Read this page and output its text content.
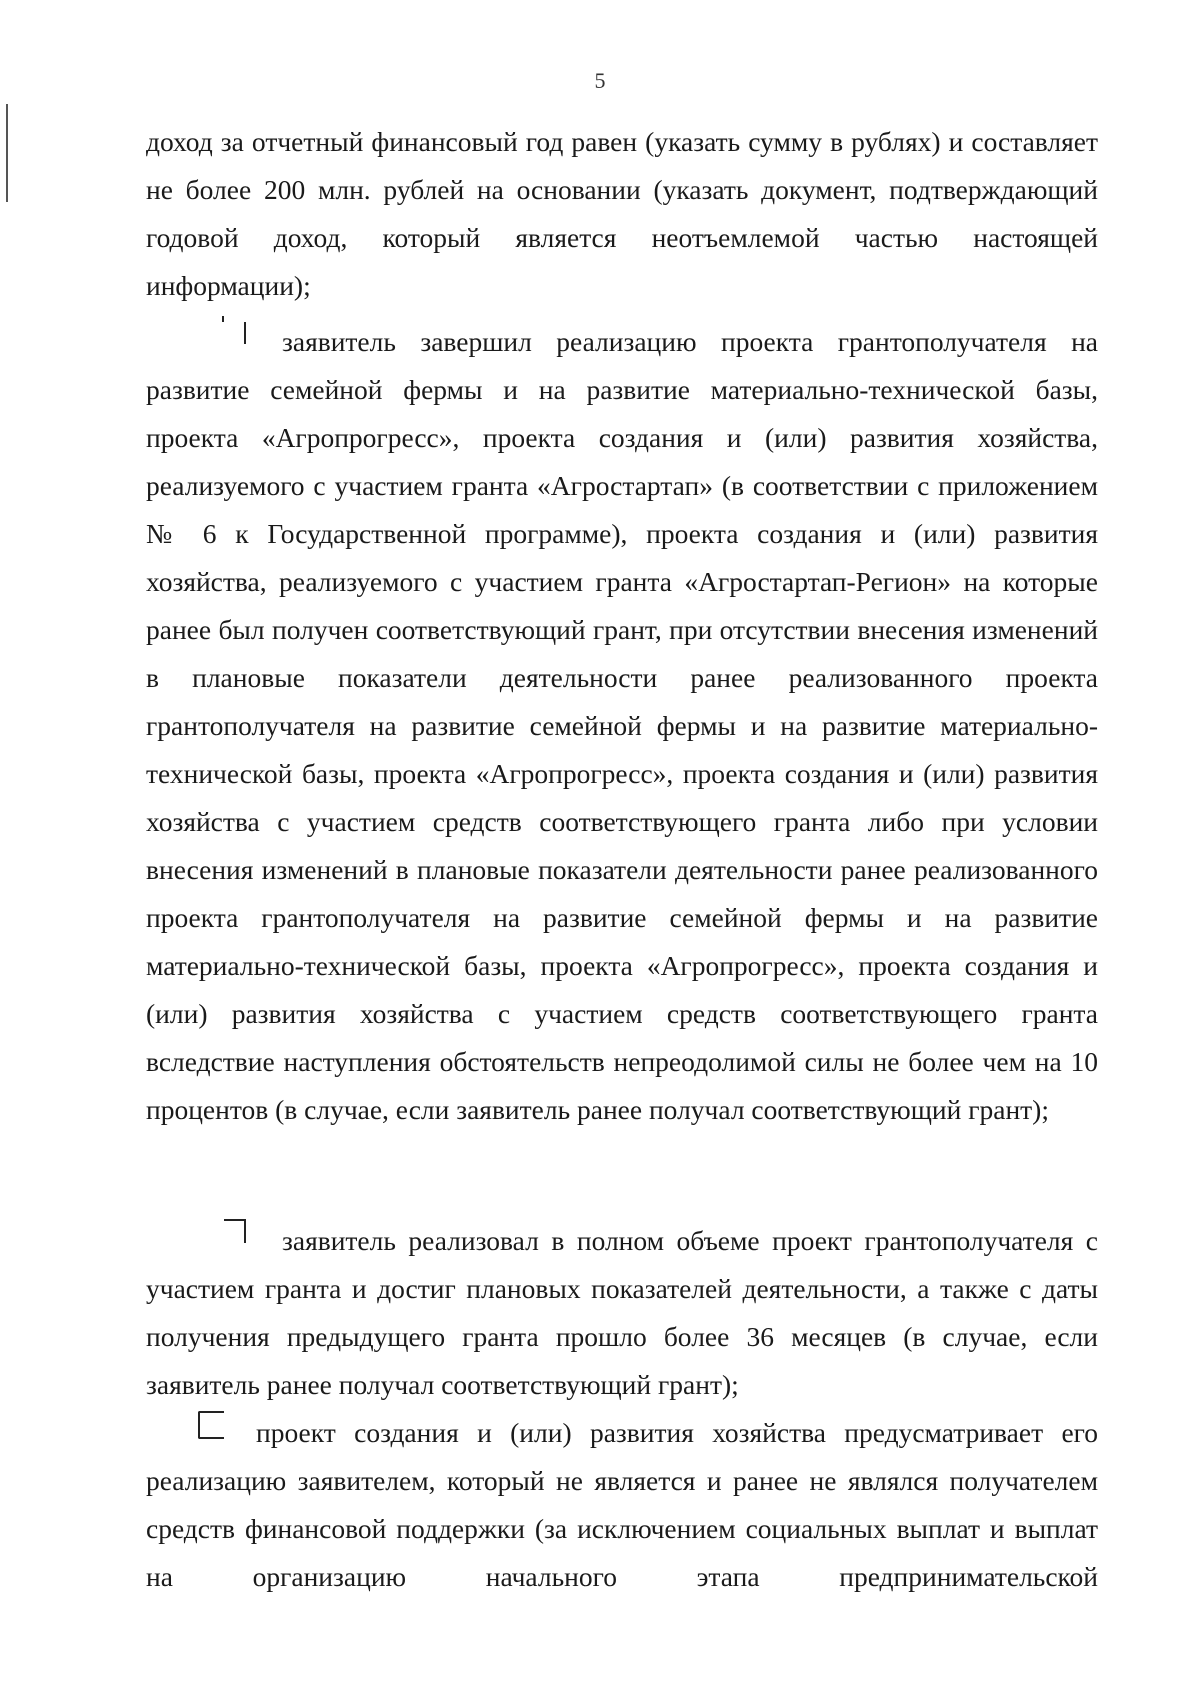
5
доход за отчетный финансовый год равен (указать сумму в рублях) и составляет не более 200 млн. рублей на основании (указать документ, подтверждающий годовой доход, который является неотъемлемой частью настоящей информации);
заявитель завершил реализацию проекта грантополучателя на развитие семейной фермы и на развитие материально-технической базы, проекта «Агропрогресс», проекта создания и (или) развития хозяйства, реализуемого с участием гранта «Агростартап» (в соответствии с приложением № 6 к Государственной программе), проекта создания и (или) развития хозяйства, реализуемого с участием гранта «Агростартап-Регион» на которые ранее был получен соответствующий грант, при отсутствии внесения изменений в плановые показатели деятельности ранее реализованного проекта грантополучателя на развитие семейной фермы и на развитие материально-технической базы, проекта «Агропрогресс», проекта создания и (или) развития хозяйства с участием средств соответствующего гранта либо при условии внесения изменений в плановые показатели деятельности ранее реализованного проекта грантополучателя на развитие семейной фермы и на развитие материально-технической базы, проекта «Агропрогресс», проекта создания и (или) развития хозяйства с участием средств соответствующего гранта вследствие наступления обстоятельств непреодолимой силы не более чем на 10 процентов (в случае, если заявитель ранее получал соответствующий грант);
заявитель реализовал в полном объеме проект грантополучателя с участием гранта и достиг плановых показателей деятельности, а также с даты получения предыдущего гранта прошло более 36 месяцев (в случае, если заявитель ранее получал соответствующий грант);
проект создания и (или) развития хозяйства предусматривает его реализацию заявителем, который не является и ранее не являлся получателем средств финансовой поддержки (за исключением социальных выплат и выплат на организацию начального этапа предпринимательской
